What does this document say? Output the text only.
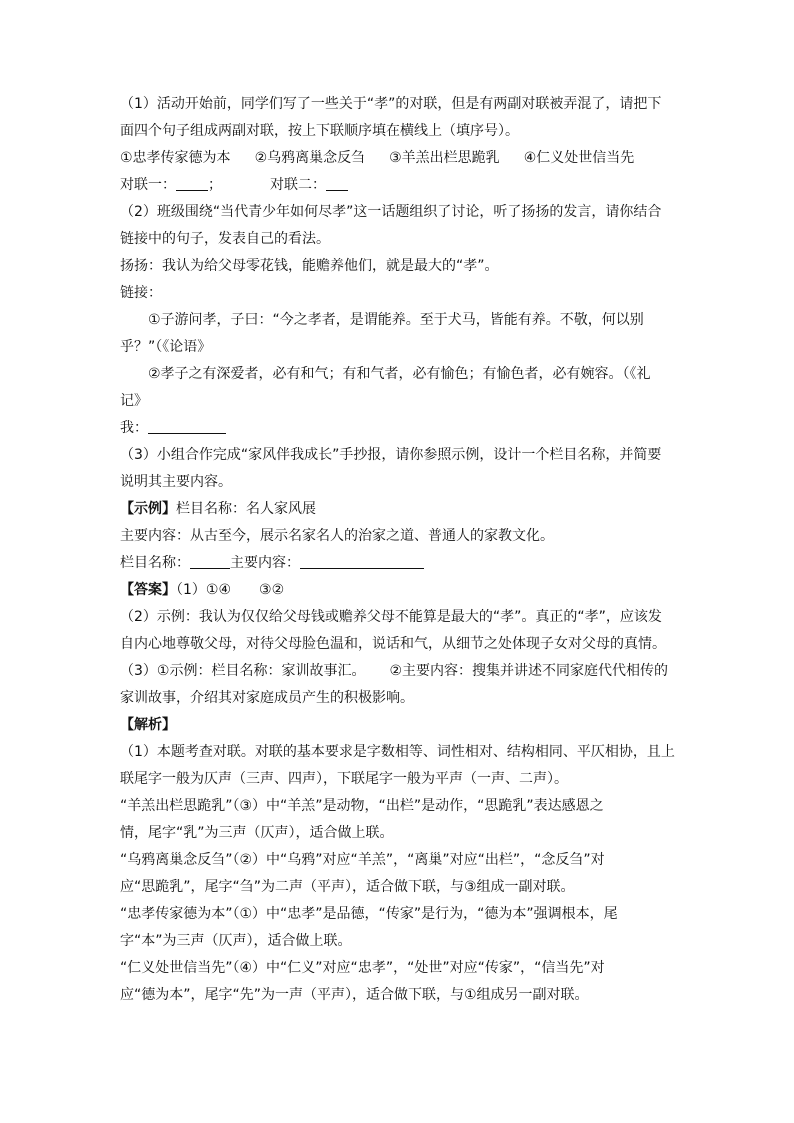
（1）活动开始前，同学们写了一些关于“孝”的对联，但是有两副对联被弄混了，请把下

面四个句子组成两副对联，按上下联顺序填在横线上（填序号）。

①忠孝传家德为本 ②乌鸦离巢念反刍 ③羊羔出栏思跪乳 ④仁义处世信当先

对联一： ；	对联二：

（2）班级围绕“当代青少年如何尽孝”这一话题组织了讨论，听了扬扬的发言，请你结合

链接中的句子，发表自己的看法。

扬扬：我认为给父母零花钱，能赡养他们，就是最大的“孝”。

链接：

①子游问孝，子曰：“今之孝者，是谓能养。至于犬马，皆能有养。不敬，何以别

乎？”（《论语》

②孝子之有深爱者，必有和气；有和气者，必有愉色；有愉色者，必有婉容。（《礼

记》

我：

（3）小组合作完成“家风伴我成长”手抄报，请你参照示例，设计一个栏目名称，并简要

说明其主要内容。

【示例】栏目名称：名人家风展

主要内容：从古至今，展示名家名人的治家之道、普通人的家教文化。

栏目名称：	主要内容：

【答案】（1）①④ ③②

（2）示例：我认为仅仅给父母钱或赡养父母不能算是最大的“孝”。真正的“孝”，应该发

自内心地尊敬父母，对待父母脸色温和，说话和气，从细节之处体现子女对父母的真情。

（3）①示例：栏目名称：家训故事汇。 ②主要内容：搜集并讲述不同家庭代代相传的

家训故事，介绍其对家庭成员产生的积极影响。

【解析】

（1）本题考查对联。对联的基本要求是字数相等、词性相对、结构相同、平仄相协，且上

联尾字一般为仄声（三声、四声），下联尾字一般为平声（一声、二声）。

“羊羔出栏思跪乳”（③）中“羊羔”是动物，“出栏”是动作，“思跪乳”表达感恩之

情，尾字“乳”为三声（仄声），适合做上联。

“乌鸦离巢念反刍”（②）中“乌鸦”对应“羊羔”，“离巢”对应“出栏”，“念反刍”对

应“思跪乳”，尾字“刍”为二声（平声），适合做下联，与③组成一副对联。

“忠孝传家德为本”（①）中“忠孝”是品德，“传家”是行为，“德为本”强调根本，尾

字“本”为三声（仄声），适合做上联。

“仁义处世信当先”（④）中“仁义”对应“忠孝”，“处世”对应“传家”，“信当先”对

应“德为本”，尾字“先”为一声（平声），适合做下联，与①组成另一副对联。
